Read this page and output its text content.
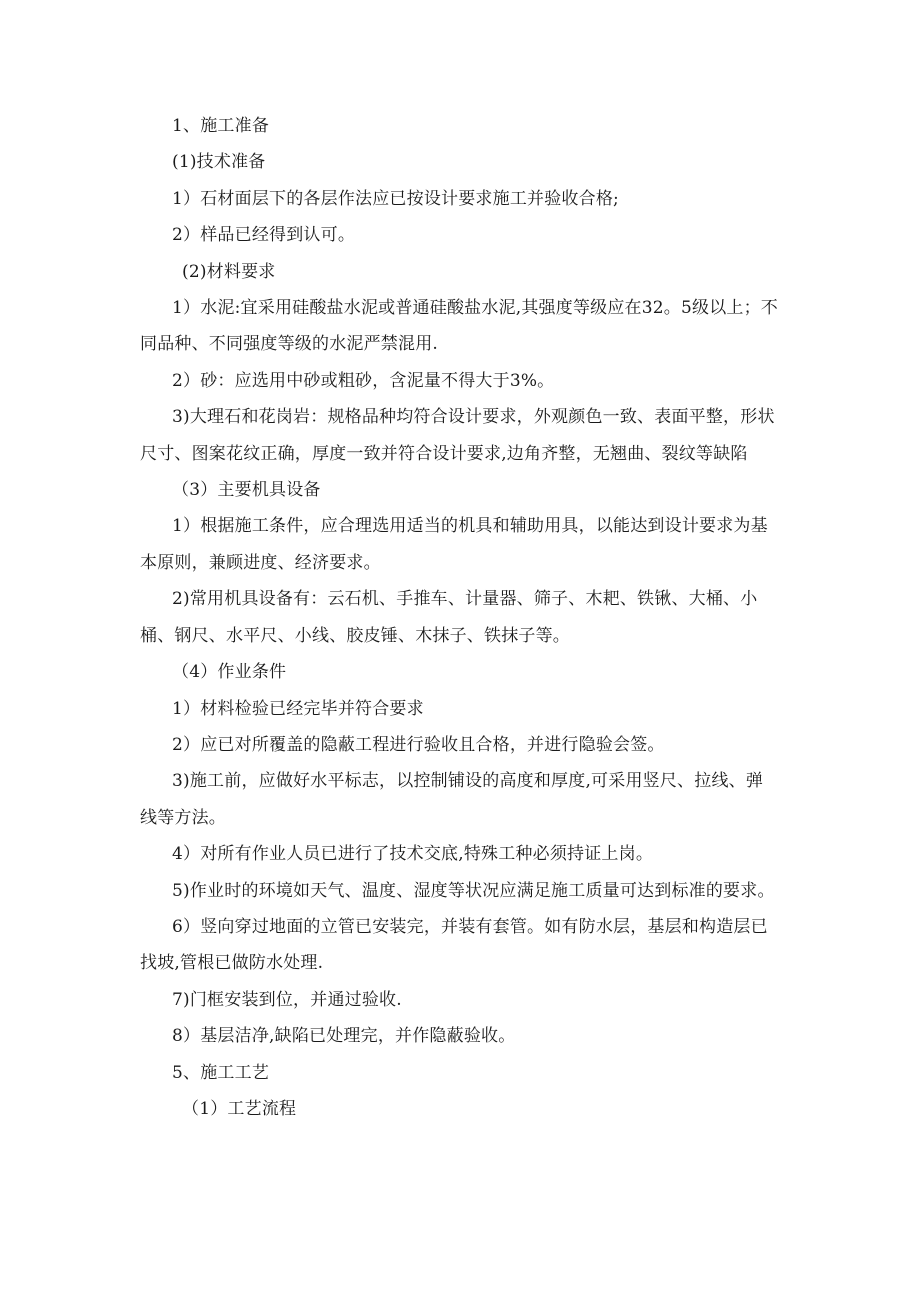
1、施工准备

(1)技术准备

1）石材面层下的各层作法应已按设计要求施工并验收合格;

2）样品已经得到认可。

(2)材料要求

1）水泥:宜采用硅酸盐水泥或普通硅酸盐水泥,其强度等级应在32。5级以上；不同品种、不同强度等级的水泥严禁混用.

2）砂：应选用中砂或粗砂，含泥量不得大于3%。

3)大理石和花岗岩：规格品种均符合设计要求，外观颜色一致、表面平整，形状尺寸、图案花纹正确，厚度一致并符合设计要求,边角齐整，无翘曲、裂纹等缺陷

（3）主要机具设备

1）根据施工条件，应合理选用适当的机具和辅助用具，以能达到设计要求为基本原则，兼顾进度、经济要求。

2)常用机具设备有：云石机、手推车、计量器、筛子、木耙、铁锹、大桶、小桶、钢尺、水平尺、小线、胶皮锤、木抹子、铁抹子等。

（4）作业条件

1）材料检验已经完毕并符合要求

2）应已对所覆盖的隐蔽工程进行验收且合格，并进行隐验会签。

3)施工前，应做好水平标志，以控制铺设的高度和厚度,可采用竖尺、拉线、弹线等方法。

4）对所有作业人员已进行了技术交底,特殊工种必须持证上岗。

5)作业时的环境如天气、温度、湿度等状况应满足施工质量可达到标准的要求。

6）竖向穿过地面的立管已安装完，并装有套管。如有防水层，基层和构造层已找坡,管根已做防水处理.

7)门框安装到位，并通过验收.

8）基层洁净,缺陷已处理完，并作隐蔽验收。

5、施工工艺

（1）工艺流程
